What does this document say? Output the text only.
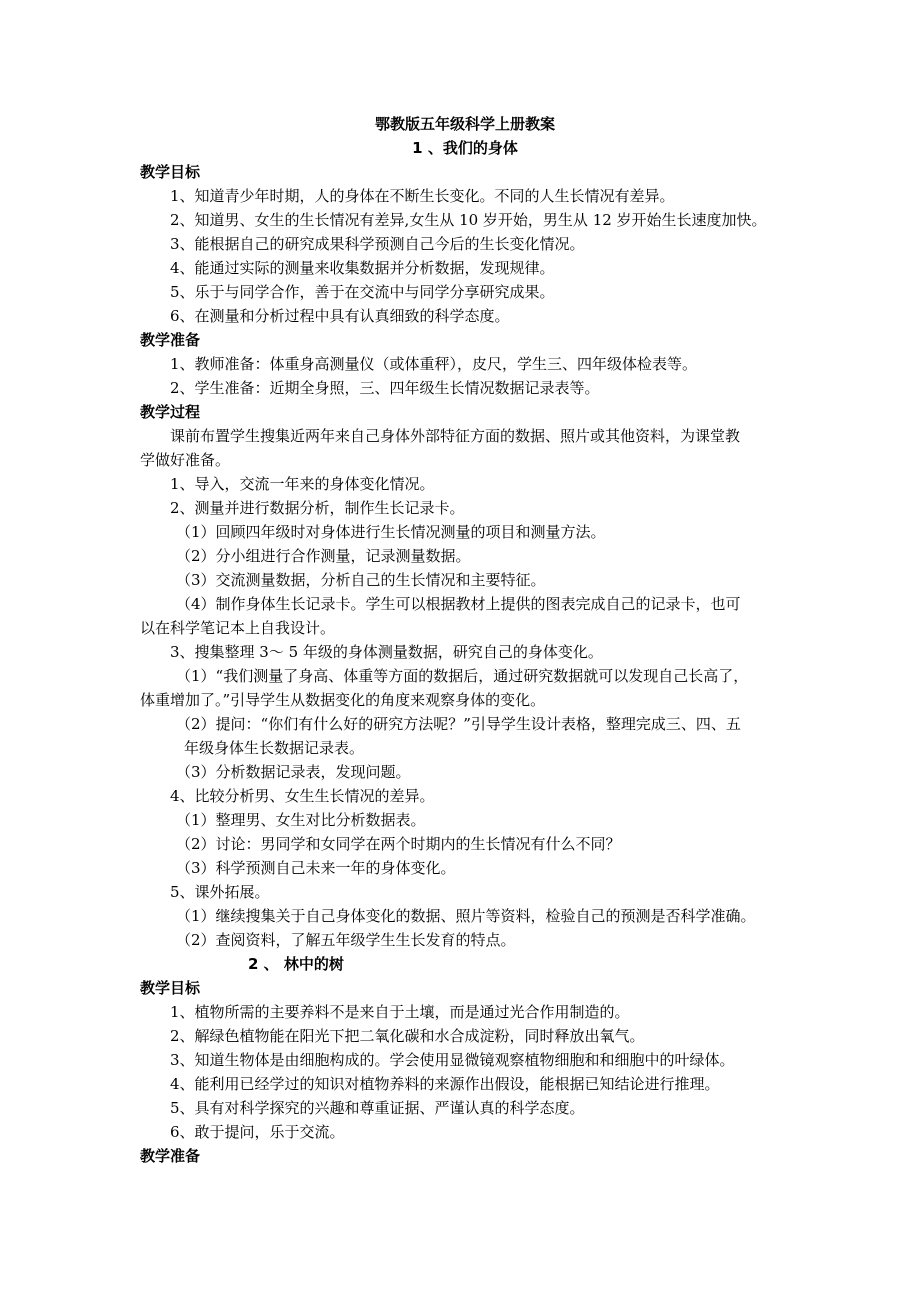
鄂教版五年级科学上册教案
1 、我们的身体
教学目标
1、知道青少年时期，人的身体在不断生长变化。不同的人生长情况有差异。
2、知道男、女生的生长情况有差异,女生从 10 岁开始，男生从 12 岁开始生长速度加快。
3、能根据自己的研究成果科学预测自己今后的生长变化情况。
4、能通过实际的测量来收集数据并分析数据，发现规律。
5、乐于与同学合作，善于在交流中与同学分享研究成果。
6、在测量和分析过程中具有认真细致的科学态度。
教学准备
1、教师准备：体重身高测量仪（或体重秤），皮尺，学生三、四年级体检表等。
2、学生准备：近期全身照，三、四年级生长情况数据记录表等。
教学过程
课前布置学生搜集近两年来自己身体外部特征方面的数据、照片或其他资料，为课堂教
学做好准备。
1、导入，交流一年来的身体变化情况。
2、测量并进行数据分析，制作生长记录卡。
（1）回顾四年级时对身体进行生长情况测量的项目和测量方法。
（2）分小组进行合作测量，记录测量数据。
（3）交流测量数据，分析自己的生长情况和主要特征。
（4）制作身体生长记录卡。学生可以根据教材上提供的图表完成自己的记录卡，也可
以在科学笔记本上自我设计。
3、搜集整理 3～ 5 年级的身体测量数据，研究自己的身体变化。
（1）“我们测量了身高、体重等方面的数据后，通过研究数据就可以发现自己长高了，
体重增加了。”引导学生从数据变化的角度来观察身体的变化。
（2）提问：“你们有什么好的研究方法呢？”引导学生设计表格，整理完成三、四、五
年级身体生长数据记录表。
（3）分析数据记录表，发现问题。
4、比较分析男、女生生长情况的差异。
（1）整理男、女生对比分析数据表。
（2）讨论：男同学和女同学在两个时期内的生长情况有什么不同？
（3）科学预测自己未来一年的身体变化。
5、课外拓展。
（1）继续搜集关于自己身体变化的数据、照片等资料，检验自己的预测是否科学准确。
（2）查阅资料，了解五年级学生生长发育的特点。
2 、 林中的树
教学目标
1、植物所需的主要养料不是来自于土壤，而是通过光合作用制造的。
2、解绿色植物能在阳光下把二氧化碳和水合成淀粉，同时释放出氧气。
3、知道生物体是由细胞构成的。学会使用显微镜观察植物细胞和和细胞中的叶绿体。
4、能利用已经学过的知识对植物养料的来源作出假设，能根据已知结论进行推理。
5、具有对科学探究的兴趣和尊重证据、严谨认真的科学态度。
6、敢于提问，乐于交流。
教学准备
